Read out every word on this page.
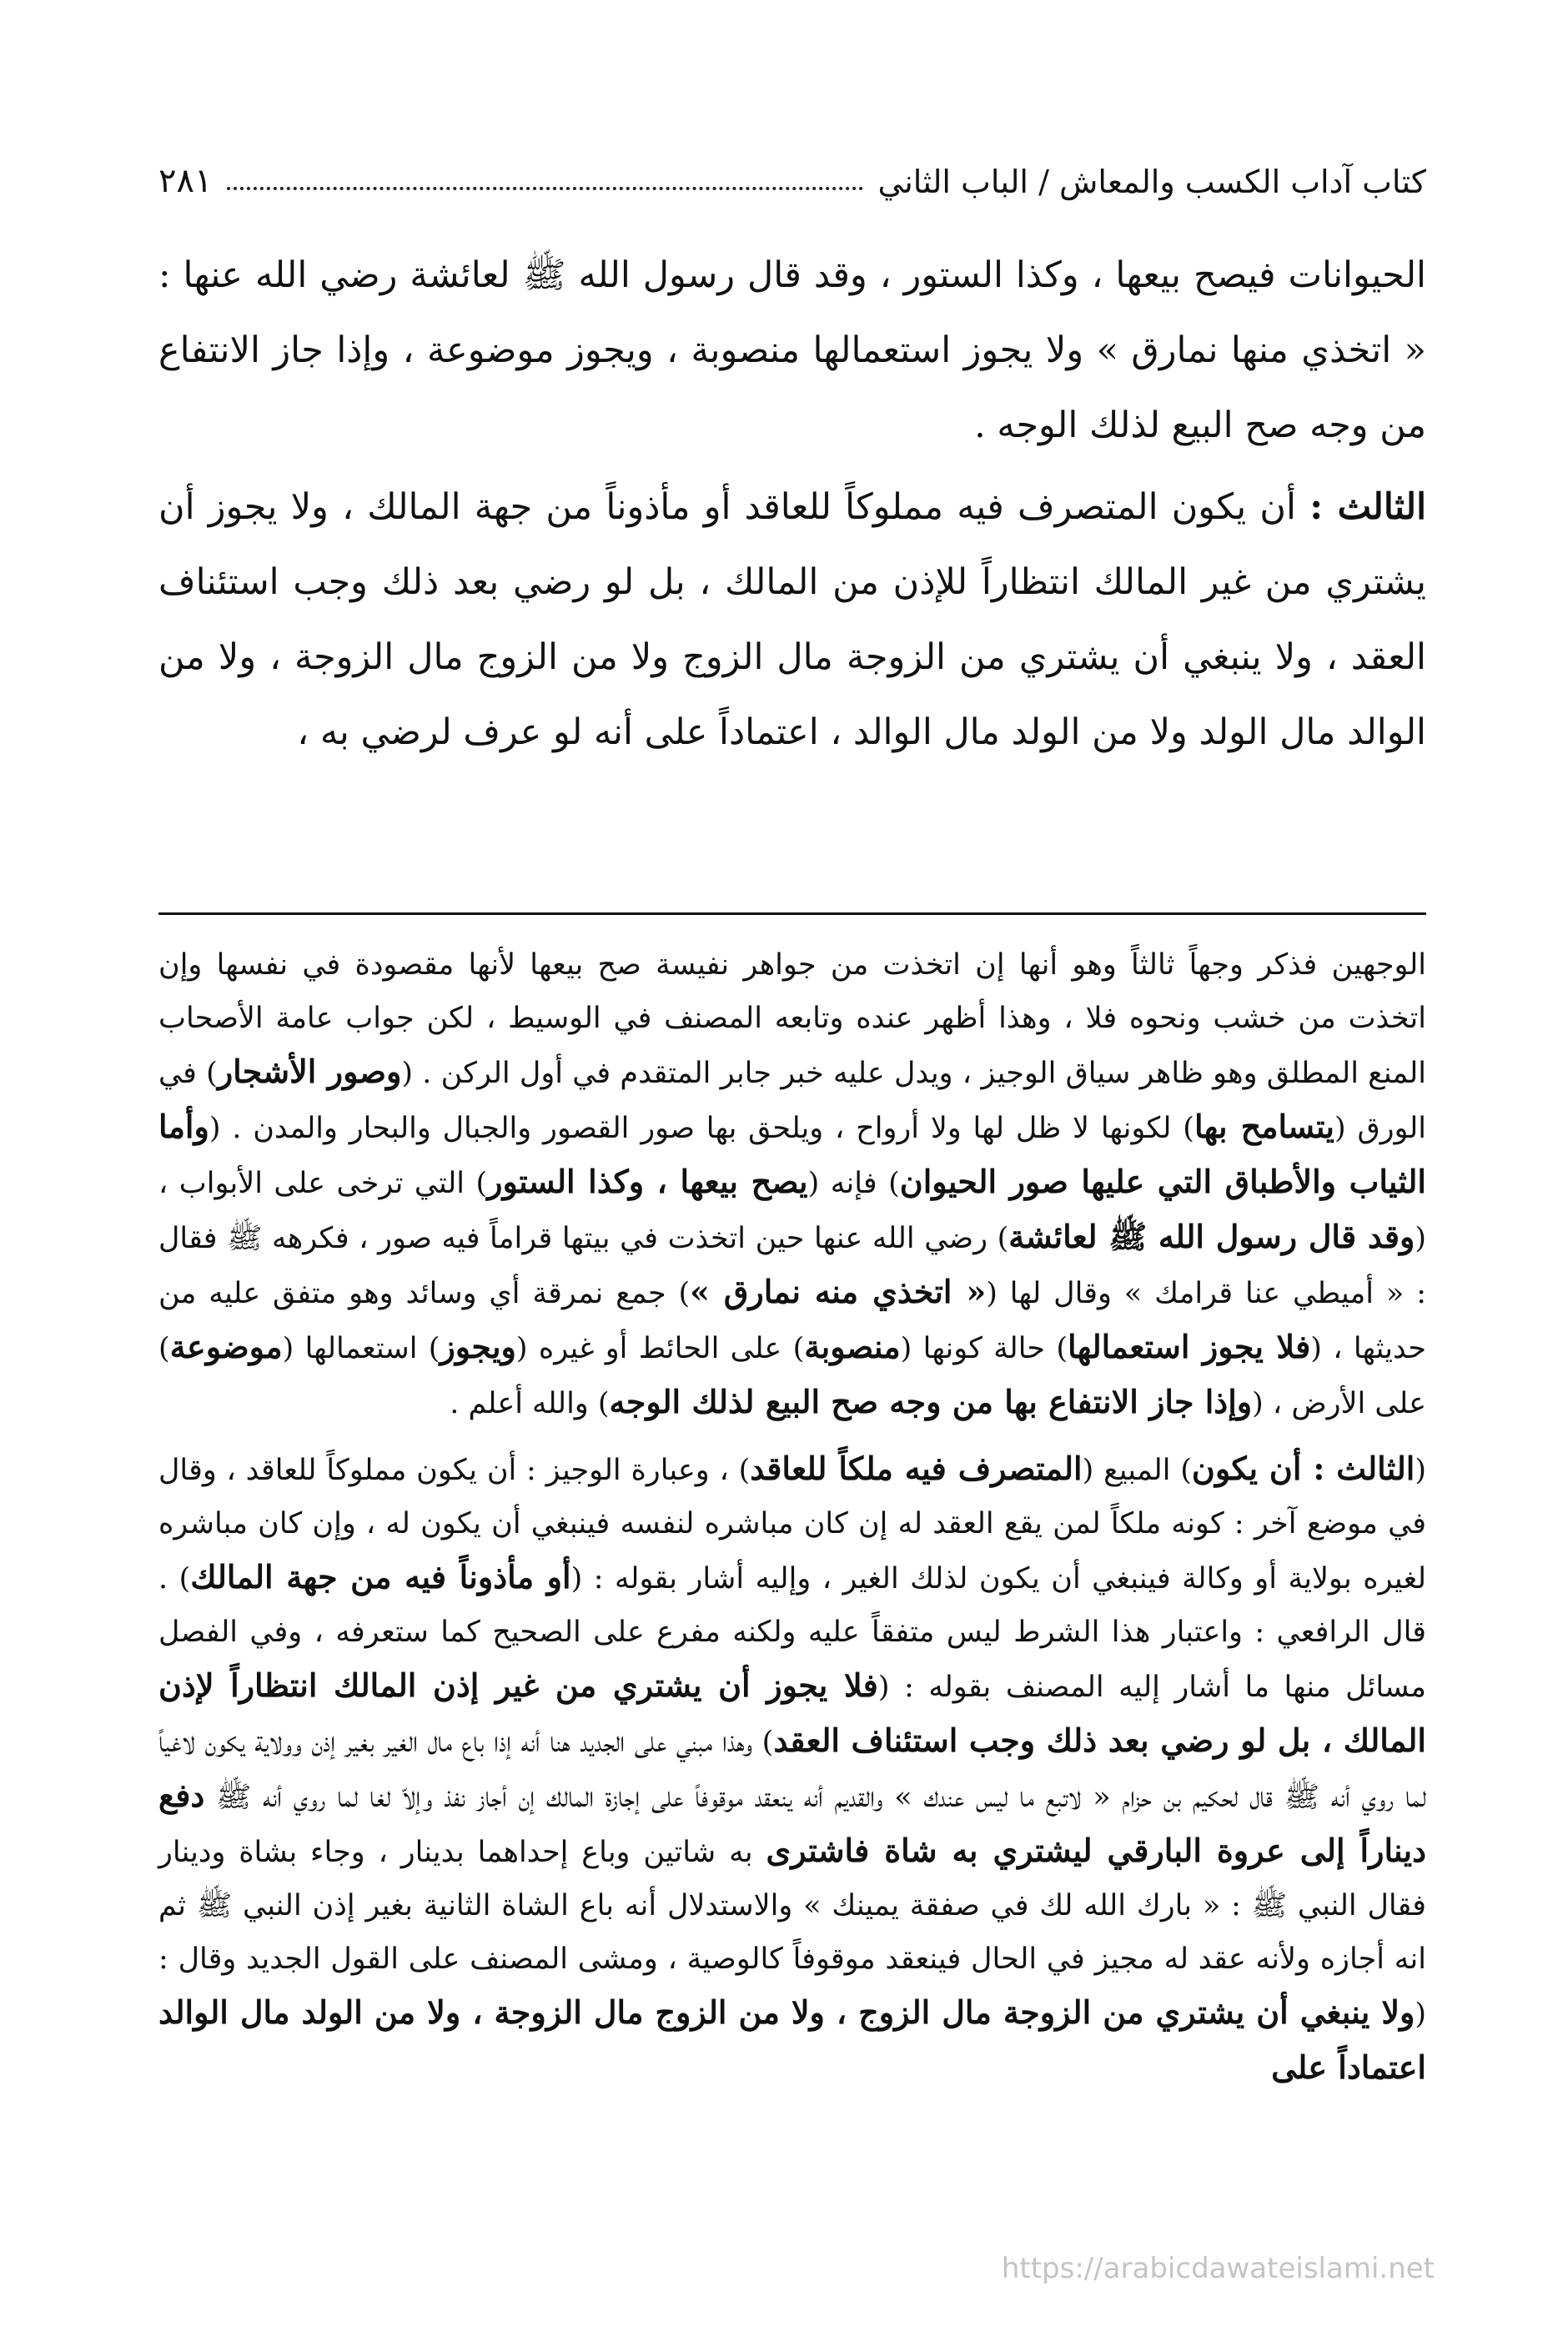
كتاب آداب الكسب والمعاش / الباب الثاني
٢٨١

الحيوانات فيصح بيعها ، وكذا الستور ، وقد قال رسول الله ﷺ لعائشة رضي الله عنها : « اتخذي منها نمارق » ولا يجوز استعمالها منصوبة ، ويجوز موضوعة ، وإذا جاز الانتفاع من وجه صح البيع لذلك الوجه .

الثالث : أن يكون المتصرف فيه مملوكاً للعاقد أو مأذوناً من جهة المالك ، ولا يجوز أن يشتري من غير المالك انتظاراً للإذن من المالك ، بل لو رضي بعد ذلك وجب استئناف العقد ، ولا ينبغي أن يشتري من الزوجة مال الزوج ولا من الزوج مال الزوجة ، ولا من الوالد مال الولد ولا من الولد مال الوالد ، اعتماداً على أنه لو عرف لرضي به ،

الوجهين فذكر وجهاً ثالثاً وهو أنها إن اتخذت من جواهر نفيسة صح بيعها لأنها مقصودة في نفسها وإن اتخذت من خشب ونحوه فلا ، وهذا أظهر عنده وتابعه المصنف في الوسيط ، لكن جواب عامة الأصحاب المنع المطلق وهو ظاهر سياق الوجيز ، ويدل عليه خبر جابر المتقدم في أول الركن . (وصور الأشجار) في الورق (يتسامح بها) لكونها لا ظل لها ولا أرواح ، ويلحق بها صور القصور والجبال والبحار والمدن . (وأما الثياب والأطباق التي عليها صور الحيوان) فإنه (يصح بيعها ، وكذا الستور) التي ترخى على الأبواب ، (وقد قال رسول الله ﷺ لعائشة) رضي الله عنها حين اتخذت في بيتها قراماً فيه صور ، فكرهه ﷺ فقال : « أميطي عنا قرامك » وقال لها (« اتخذي منه نمارق ») جمع نمرقة أي وسائد وهو متفق عليه من حديثها ، (فلا يجوز استعمالها) حالة كونها (منصوبة) على الحائط أو غيره (ويجوز) استعمالها (موضوعة) على الأرض ، (وإذا جاز الانتفاع بها من وجه صح البيع لذلك الوجه) والله أعلم .

(الثالث : أن يكون) المبيع (المتصرف فيه ملكاً للعاقد) ، وعبارة الوجيز : أن يكون مملوكاً للعاقد ، وقال في موضع آخر : كونه ملكاً لمن يقع العقد له إن كان مباشره لنفسه فينبغي أن يكون له ، وإن كان مباشره لغيره بولاية أو وكالة فينبغي أن يكون لذلك الغير ، وإليه أشار بقوله : (أو مأذوناً فيه من جهة المالك) . قال الرافعي : واعتبار هذا الشرط ليس متفقاً عليه ولكنه مفرع على الصحيح كما ستعرفه ، وفي الفصل مسائل منها ما أشار إليه المصنف بقوله : (فلا يجوز أن يشتري من غير إذن المالك انتظاراً لإذن المالك ، بل لو رضي بعد ذلك وجب استئناف العقد) وهذا مبني على الجديد هنا أنه إذا باع مال الغير بغير إذن وولاية يكون لاغياً لما روي أنه ﷺ قال لحكيم بن حزام « لاتبع ما ليس عندك » والقديم أنه ينعقد موقوفاً على إجازة المالك إن أجاز نفذ وإلاّ لغا لما روي أنه ﷺ دفع ديناراً إلى عروة البارقي ليشتري به شاة فاشترى به شاتين وباع إحداهما بدينار ، وجاء بشاة ودينار فقال النبي ﷺ : « بارك الله لك في صفقة يمينك » والاستدلال أنه باع الشاة الثانية بغير إذن النبي ﷺ ثم انه أجازه ولأنه عقد له مجيز في الحال فينعقد موقوفاً كالوصية ، ومشى المصنف على القول الجديد وقال : (ولا ينبغي أن يشتري من الزوجة مال الزوج ، ولا من الزوج مال الزوجة ، ولا من الولد مال الوالد اعتماداً على

https://arabicdawateislami.net
